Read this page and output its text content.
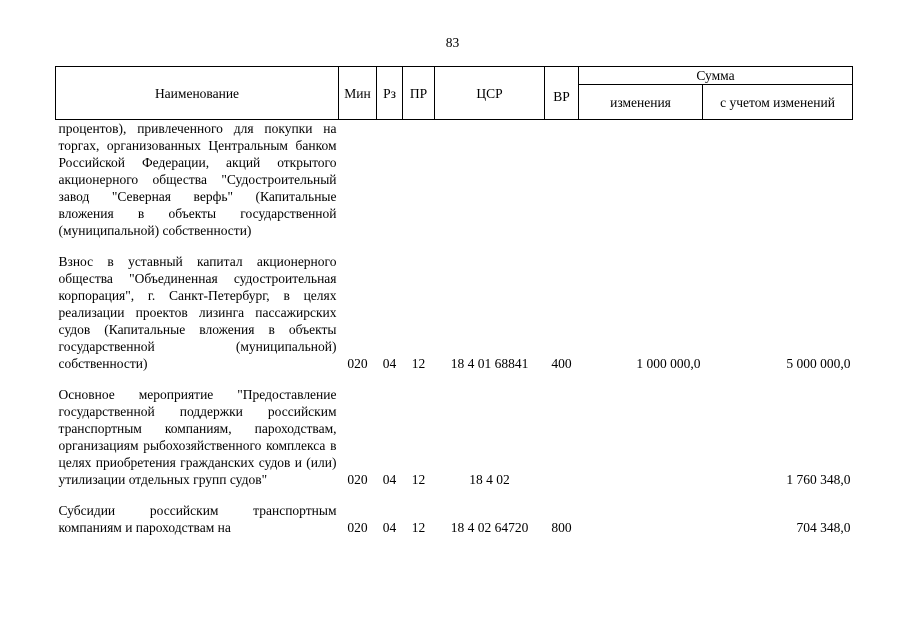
83
Наименование	Мин	Рз	ПР	ЦСР	ВР	Сумма	
						изменения	с учетом изменений
процентов), привлеченного для покупки на торгах, организованных Центральным банком Российской Федерации, акций открытого акционерного общества "Судостроительный завод "Северная верфь" (Капитальные вложения в объекты государственной (муниципальной) собственности)							

Взнос в уставный капитал акционерного общества "Объединенная судостроительная корпорация", г. Санкт-Петербург, в целях реализации проектов лизинга пассажирских судов (Капитальные вложения в объекты государственной (муниципальной) собственности)	020	04	12	18 4 01 68841	400	1 000 000,0	5 000 000,0

Основное мероприятие "Предоставление государственной поддержки российским транспортным компаниям, пароходствам, организациям рыбохозяйственного комплекса в целях приобретения гражданских судов и (или) утилизации отдельных групп судов"	020	04	12	18 4 02			1 760 348,0

Субсидии российским транспортным компаниям и пароходствам на	020	04	12	18 4 02 64720	800		704 348,0
